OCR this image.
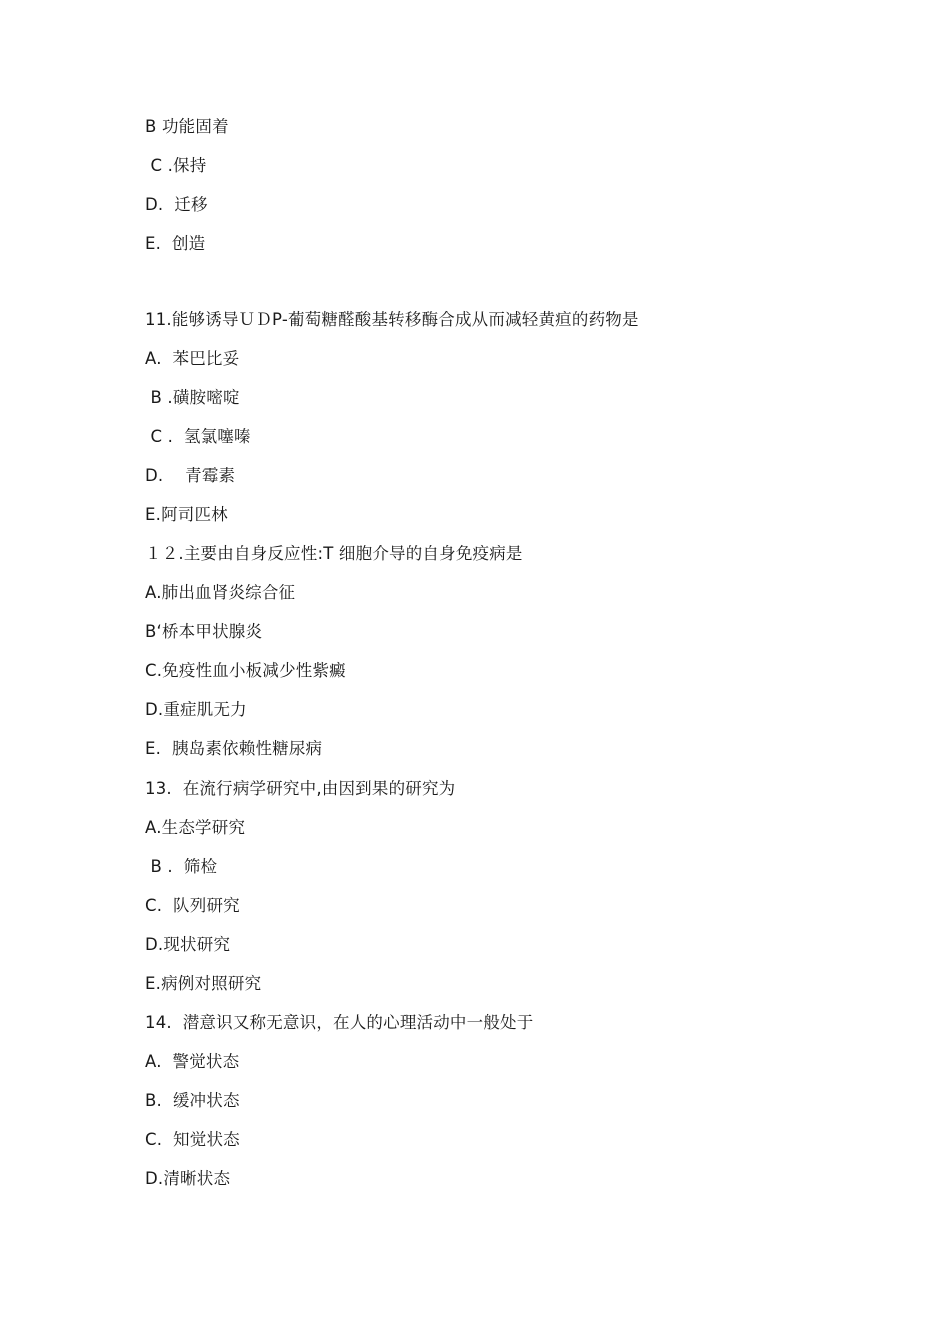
B 功能固着
C .保持
D.  迁移
E.  创造
11.能够诱导ＵＤP-葡萄糖醛酸基转移酶合成从而减轻黄疸的药物是
A.  苯巴比妥
B .磺胺嘧啶
C .  氢氯噻嗪
D.    青霉素
E.阿司匹林
１２.主要由自身反应性:T 细胞介导的自身免疫病是
A.肺出血肾炎综合征
B‘桥本甲状腺炎
C.免疫性血小板减少性紫癜
D.重症肌无力
E.  胰岛素依赖性糖尿病
13.  在流行病学研究中,由因到果的研究为
A.生态学研究
B .  筛检
C.  队列研究
D.现状研究
E.病例对照研究
14.  潜意识又称无意识，在人的心理活动中一般处于
A.  警觉状态
B.  缓冲状态
C.  知觉状态
D.清晰状态
